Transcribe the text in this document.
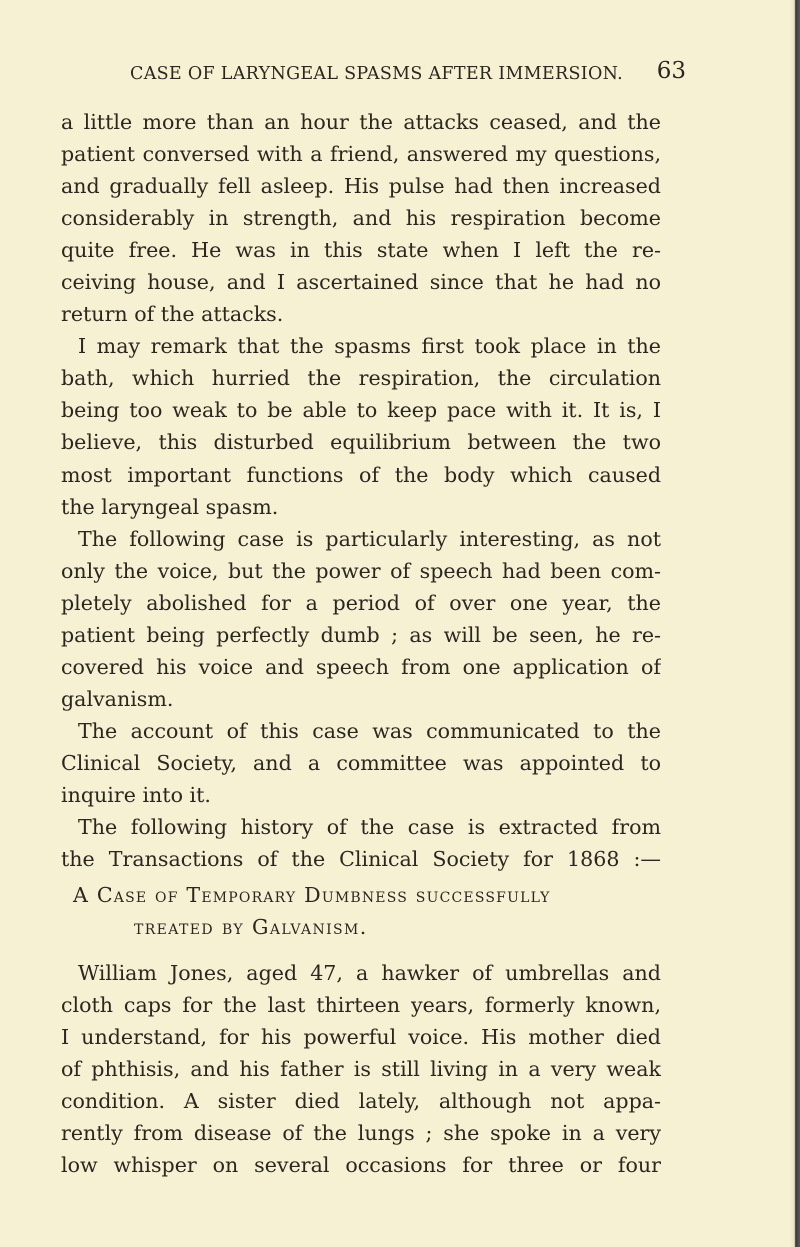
CASE OF LARYNGEAL SPASMS AFTER IMMERSION. 63
a little more than an hour the attacks ceased, and the
patient conversed with a friend, answered my questions,
and gradually fell asleep. His pulse had then increased
considerably in strength, and his respiration become
quite free. He was in this state when I left the re-
ceiving house, and I ascertained since that he had no
return of the attacks.
I may remark that the spasms first took place in the
bath, which hurried the respiration, the circulation
being too weak to be able to keep pace with it. It is, I
believe, this disturbed equilibrium between the two
most important functions of the body which caused
the laryngeal spasm.
The following case is particularly interesting, as not
only the voice, but the power of speech had been com-
pletely abolished for a period of over one year, the
patient being perfectly dumb ; as will be seen, he re-
covered his voice and speech from one application of
galvanism.
The account of this case was communicated to the
Clinical Society, and a committee was appointed to
inquire into it.
The following history of the case is extracted from
the Transactions of the Clinical Society for 1868 :—
A Case of Temporary Dumbness successfully
treated by Galvanism.
William Jones, aged 47, a hawker of umbrellas and
cloth caps for the last thirteen years, formerly known,
I understand, for his powerful voice. His mother died
of phthisis, and his father is still living in a very weak
condition. A sister died lately, although not appa-
rently from disease of the lungs ; she spoke in a very
low whisper on several occasions for three or four
